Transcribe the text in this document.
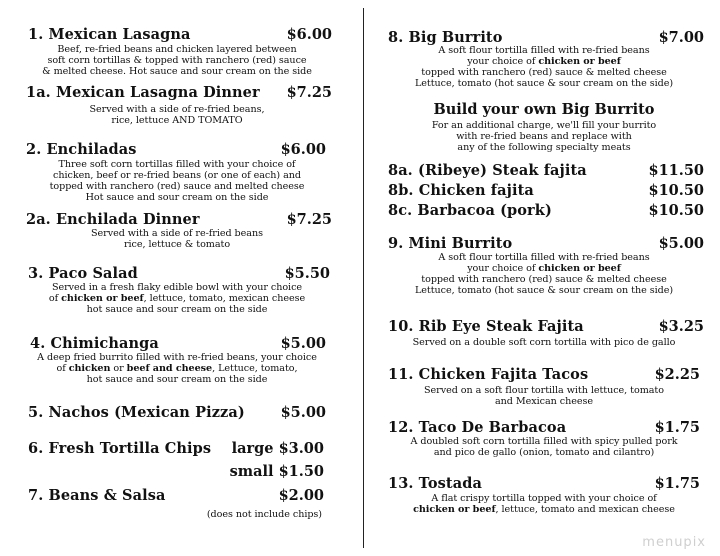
1. Mexican Lasagna	$6.00
Beef, re-fried beans and chicken layered between
soft corn tortillas & topped with ranchero (red) sauce
& melted cheese. Hot sauce and sour cream on the side
1a. Mexican Lasagna Dinner $7.25
Served with a side of re-fried beans,
rice, lettuce AND TOMATO
2. Enchiladas	$6.00
Three soft corn tortillas filled with your choice of
chicken, beef or re-fried beans (or one of each) and
topped with ranchero (red) sauce and melted cheese
Hot sauce and sour cream on the side
2a. Enchilada Dinner	$7.25
Served with a side of re-fried beans
rice, lettuce & tomato
3. Paco Salad	$5.50
Served in a fresh flaky edible bowl with your choice
of chicken or beef, lettuce, tomato, mexican cheese
hot sauce and sour cream on the side
4. Chimichanga	$5.00
A deep fried burrito filled with re-fried beans, your choice
of chicken or beef and cheese, Lettuce, tomato,
hot sauce and sour cream on the side
5. Nachos (Mexican Pizza) $5.00
6. Fresh Tortilla Chips large $3.00
small $1.50
7. Beans & Salsa	$2.00
(does not include chips)
8. Big Burrito	$7.00
A soft flour tortilla filled with re-fried beans
your choice of chicken or beef
topped with ranchero (red) sauce & melted cheese
Lettuce, tomato (hot sauce & sour cream on the side)
Build your own Big Burrito
For an additional charge, we'll fill your burrito
with re-fried beans and replace with
any of the following specialty meats
8a. (Ribeye) Steak fajita	$11.50
8b. Chicken fajita	$10.50
8c. Barbacoa (pork)	$10.50
9. Mini Burrito	$5.00
A soft flour tortilla filled with re-fried beans
your choice of chicken or beef
topped with ranchero (red) sauce & melted cheese
Lettuce, tomato (hot sauce & sour cream on the side)
10. Rib Eye Steak Fajita	$3.25
Served on a double soft corn tortilla with pico de gallo
11. Chicken Fajita Tacos	$2.25
Served on a soft flour tortilla with lettuce, tomato
and Mexican cheese
12. Taco De Barbacoa	$1.75
A doubled soft corn tortilla filled with spicy pulled pork
and pico de gallo (onion, tomato and cilantro)
13. Tostada	$1.75
A flat crispy tortilla topped with your choice of
chicken or beef, lettuce, tomato and mexican cheese
menupix
